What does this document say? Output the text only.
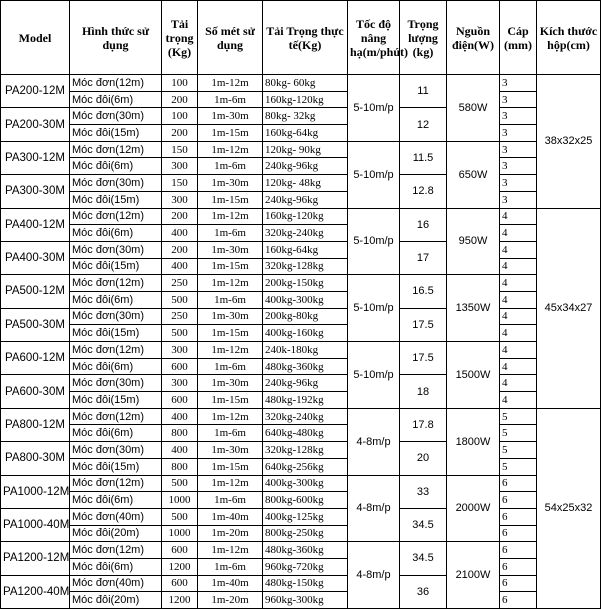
Model	Hình thức sử dụng	Tải trọng (Kg)	Số mét sử dụng	Tải Trọng thực tế(Kg)	Tốc độ nâng hạ(m/phút)	Trọng lượng (kg)	Nguồn điện(W)	Cáp (mm)	Kích thước hộp(cm)
PA200-12M	Móc đơn(12m)	100	1m-12m	80kg- 60kg	5-10m/p	11	580W	3	38x32x25
	Móc đôi(6m)	200	1m-6m	160kg-120kg				3	
PA200-30M	Móc đơn(30m)	100	1m-30m	80kg- 32kg		12		3	
	Móc đôi(15m)	200	1m-15m	160kg-64kg				3	
PA300-12M	Móc đơn(12m)	150	1m-12m	120kg- 90kg	5-10m/p	11.5	650W	3	
	Móc đôi(6m)	300	1m-6m	240kg-96kg				3	
PA300-30M	Móc đơn(30m)	150	1m-30m	120kg- 48kg		12.8		3	
	Móc đôi(15m)	300	1m-15m	240kg-96kg				3	
PA400-12M	Móc đơn(12m)	200	1m-12m	160kg-120kg	5-10m/p	16	950W	4	45x34x27
	Móc đôi(6m)	400	1m-6m	320kg-240kg				4	
PA400-30M	Móc đơn(30m)	200	1m-30m	160kg-64kg		17		4	
	Móc đôi(15m)	400	1m-15m	320kg-128kg				4	
PA500-12M	Móc đơn(12m)	250	1m-12m	200kg-150kg	5-10m/p	16.5	1350W	4	
	Móc đôi(6m)	500	1m-6m	400kg-300kg				4	
PA500-30M	Móc đơn(30m)	250	1m-30m	200kg-80kg		17.5		4	
	Móc đôi(15m)	500	1m-15m	400kg-160kg				4	
PA600-12M	Móc đơn(12m)	300	1m-12m	240k-180kg	5-10m/p	17.5	1500W	4	
	Móc đôi(6m)	600	1m-6m	480kg-360kg				4	
PA600-30M	Móc đơn(30m)	300	1m-30m	240kg-96kg		18		4	
	Móc đôi(15m)	600	1m-15m	480kg-192kg				4	
PA800-12M	Móc đơn(12m)	400	1m-12m	320kg-240kg	4-8m/p	17.8	1800W	5	54x25x32
	Móc đôi(6m)	800	1m-6m	640kg-480kg				5	
PA800-30M	Móc đơn(30m)	400	1m-30m	320kg-128kg		20		5	
	Móc đôi(15m)	800	1m-15m	640kg-256kg				5	
PA1000-12M	Móc đơn(12m)	500	1m-12m	400kg-300kg	4-8m/p	33	2000W	6	
	Móc đôi(6m)	1000	1m-6m	800kg-600kg				6	
PA1000-40M	Móc đơn(40m)	500	1m-40m	400kg-125kg		34.5		6	
	Móc đôi(20m)	1000	1m-20m	800kg-250kg				6	
PA1200-12M	Móc đơn(12m)	600	1m-12m	480kg-360kg	4-8m/p	34.5	2100W	6	
	Móc đôi(6m)	1200	1m-6m	960kg-720kg				6	
PA1200-40M	Móc đơn(40m)	600	1m-40m	480kg-150kg		36		6	
	Móc đôi(20m)	1200	1m-20m	960kg-300kg				6	
